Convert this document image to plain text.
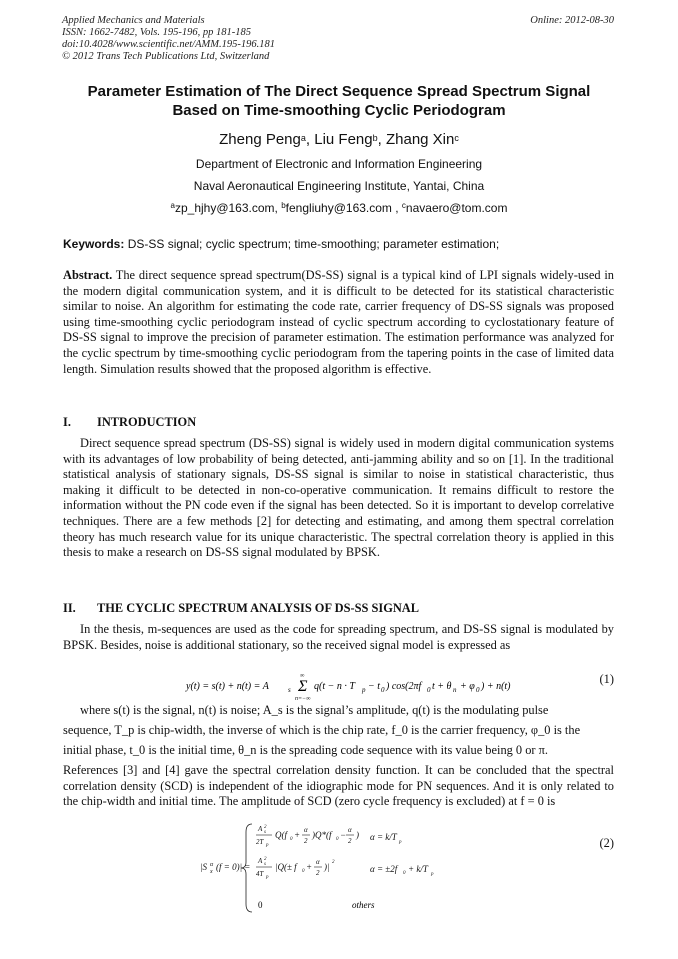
Applied Mechanics and Materials
ISSN: 1662-7482, Vols. 195-196, pp 181-185
doi:10.4028/www.scientific.net/AMM.195-196.181
© 2012 Trans Tech Publications Ltd, Switzerland
Online: 2012-08-30
Parameter Estimation of The Direct Sequence Spread Spectrum Signal
Based on Time-smoothing Cyclic Periodogram
Zheng Peng$^a$, Liu Feng$^b$, Zhang Xin$^c$
Department of Electronic and Information Engineering
Naval Aeronautical Engineering Institute, Yantai, China
$^a$zp_hjhy@163.com, $^b$fengliuhy@163.com , $^c$navaero@tom.com
Keywords: DS-SS signal; cyclic spectrum; time-smoothing; parameter estimation;
Abstract. The direct sequence spread spectrum(DS-SS) signal is a typical kind of LPI signals widely-used in the modern digital communication system, and it is difficult to be detected for its statistical characteristic similar to noise. An algorithm for estimating the code rate, carrier frequency of DS-SS signals was proposed using time-smoothing cyclic periodogram instead of cyclic spectrum according to cyclostationary feature of DS-SS signal to improve the precision of parameter estimation. The estimation performance was analyzed for the cyclic spectrum by time-smoothing cyclic periodogram from the tapering points in the case of limited data length. Simulation results showed that the proposed algorithm is effective.
I. INTRODUCTION
Direct sequence spread spectrum (DS-SS) signal is widely used in modern digital communication systems with its advantages of low probability of being detected, anti-jamming ability and so on [1]. In the traditional statistical analysis of stationary signals, DS-SS signal is similar to noise in statistical characteristic, thus making it difficult to be detected in non-co-operative communication. It remains difficult to restore the information without the PN code even if the signal has been detected. So it is important to develop correlative techniques. There are a few methods [2] for detecting and estimating, and among them spectral correlation theory has much research value for its unique characteristic. The spectral correlation theory is applied in this thesis to make a research on DS-SS signal modulated by BPSK.
II. THE CYCLIC SPECTRUM ANALYSIS OF DS-SS SIGNAL
In the thesis, m-sequences are used as the code for spreading spectrum, and DS-SS signal is modulated by BPSK. Besides, noise is additional stationary, so the received signal model is expressed as
y(t) = s(t) + n(t) = A	s Σ
∞
n=−∞
q(t − n · T p − t 0 ) cos(2πf 0 t + θ n + φ 0 ) + n(t)
(1)
where s(t) is the signal, n(t) is noise; A_s is the signal’s amplitude, q(t) is the modulating pulse
sequence, T_p is chip-width, the inverse of which is the chip rate, f_0 is the carrier frequency, φ_0 is the
initial phase, t_0 is the initial time, θ_n is the spreading code sequence with its value being 0 or π.
References [3] and [4] gave the spectral correlation density function. It can be concluded that the spectral correlation density (SCD) is independent of the idiographic mode for PN sequences. And it is only related to the chip-width and initial time. The amplitude of SCD (zero cycle frequency is excluded) at f = 0 is
|S α
x (f = 0)| =
A 2
s
2T p
Q(f 0 + α
2
)Q*(f 0 − α
2
) α = k/T
p
A 2
s
4T p
|Q(± f 0 + α
2
)| 2
α = ±2f 0 + k/T
p
0	others
(2)
